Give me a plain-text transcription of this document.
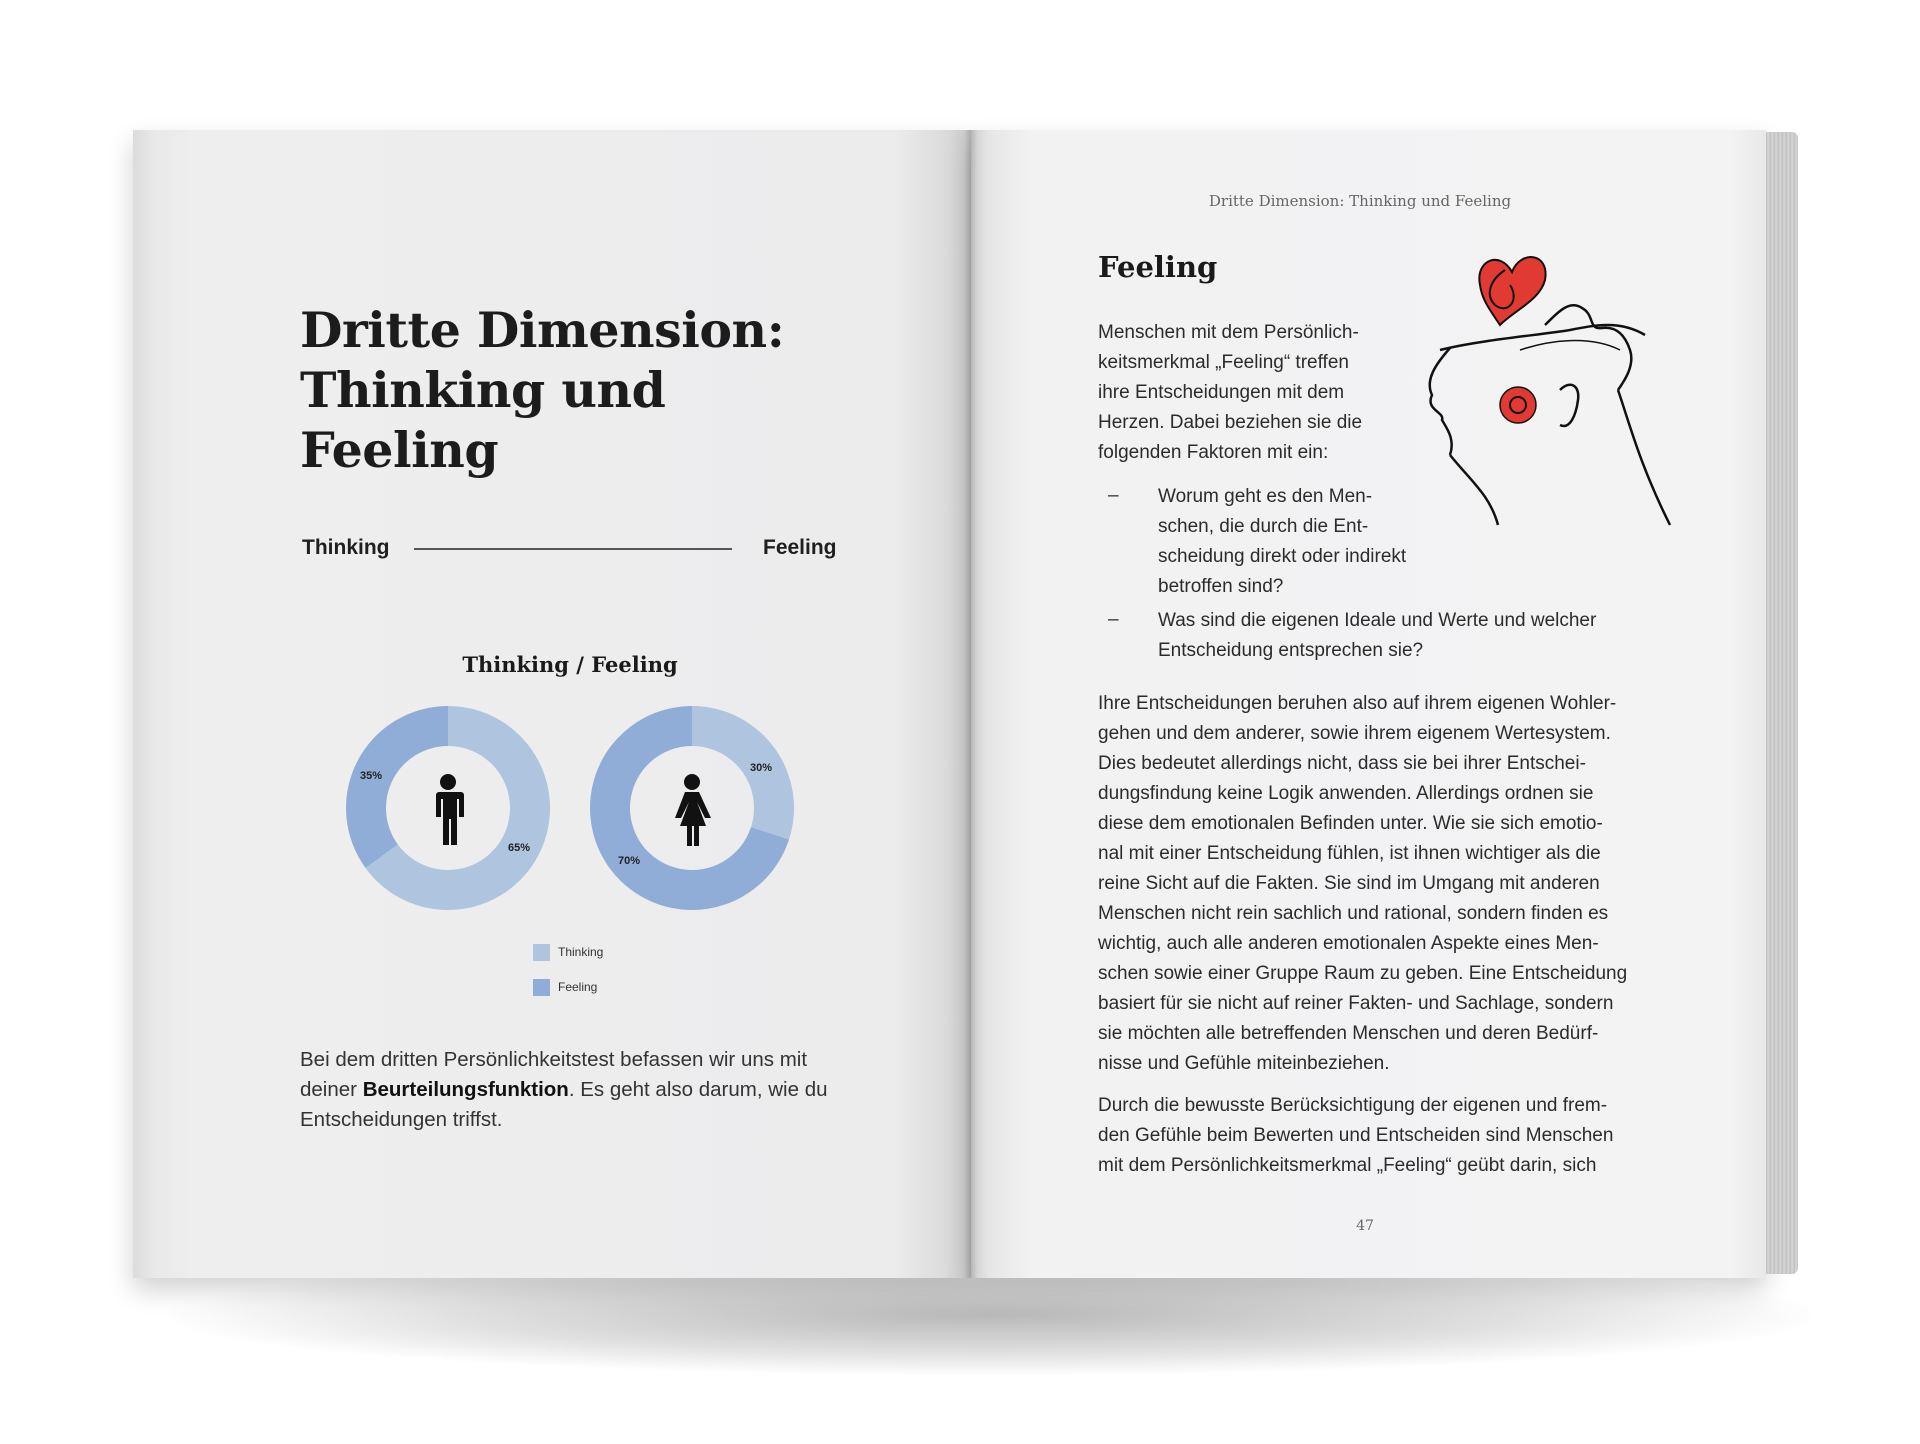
Dritte Dimension:
Thinking und Feeling
Thinking	Feeling
Thinking / Feeling
35%
65%
30%
70%
Thinking
Feeling
Bei dem dritten Persönlichkeitstest befassen wir uns mit deiner Beurteilungsfunktion. Es geht also darum, wie du Entscheidungen triffst.
Dritte Dimension: Thinking und Feeling
Feeling
Menschen mit dem Persönlich-
keitsmerkmal „Feeling“ treffen
ihre Entscheidungen mit dem
Herzen. Dabei beziehen sie die
folgenden Faktoren mit ein:
– Worum geht es den Men-
schen, die durch die Ent-
scheidung direkt oder indirekt
betroffen sind?
– Was sind die eigenen Ideale und Werte und welcher
Entscheidung entsprechen sie?
Ihre Entscheidungen beruhen also auf ihrem eigenen Wohler-
gehen und dem anderer, sowie ihrem eigenem Wertesystem.
Dies bedeutet allerdings nicht, dass sie bei ihrer Entschei-
dungsfindung keine Logik anwenden. Allerdings ordnen sie
diese dem emotionalen Befinden unter. Wie sie sich emotio-
nal mit einer Entscheidung fühlen, ist ihnen wichtiger als die
reine Sicht auf die Fakten. Sie sind im Umgang mit anderen
Menschen nicht rein sachlich und rational, sondern finden es
wichtig, auch alle anderen emotionalen Aspekte eines Men-
schen sowie einer Gruppe Raum zu geben. Eine Entscheidung
basiert für sie nicht auf reiner Fakten- und Sachlage, sondern
sie möchten alle betreffenden Menschen und deren Bedürf-
nisse und Gefühle miteinbeziehen.
Durch die bewusste Berücksichtigung der eigenen und frem-
den Gefühle beim Bewerten und Entscheiden sind Menschen
mit dem Persönlichkeitsmerkmal „Feeling“ geübt darin, sich
47
